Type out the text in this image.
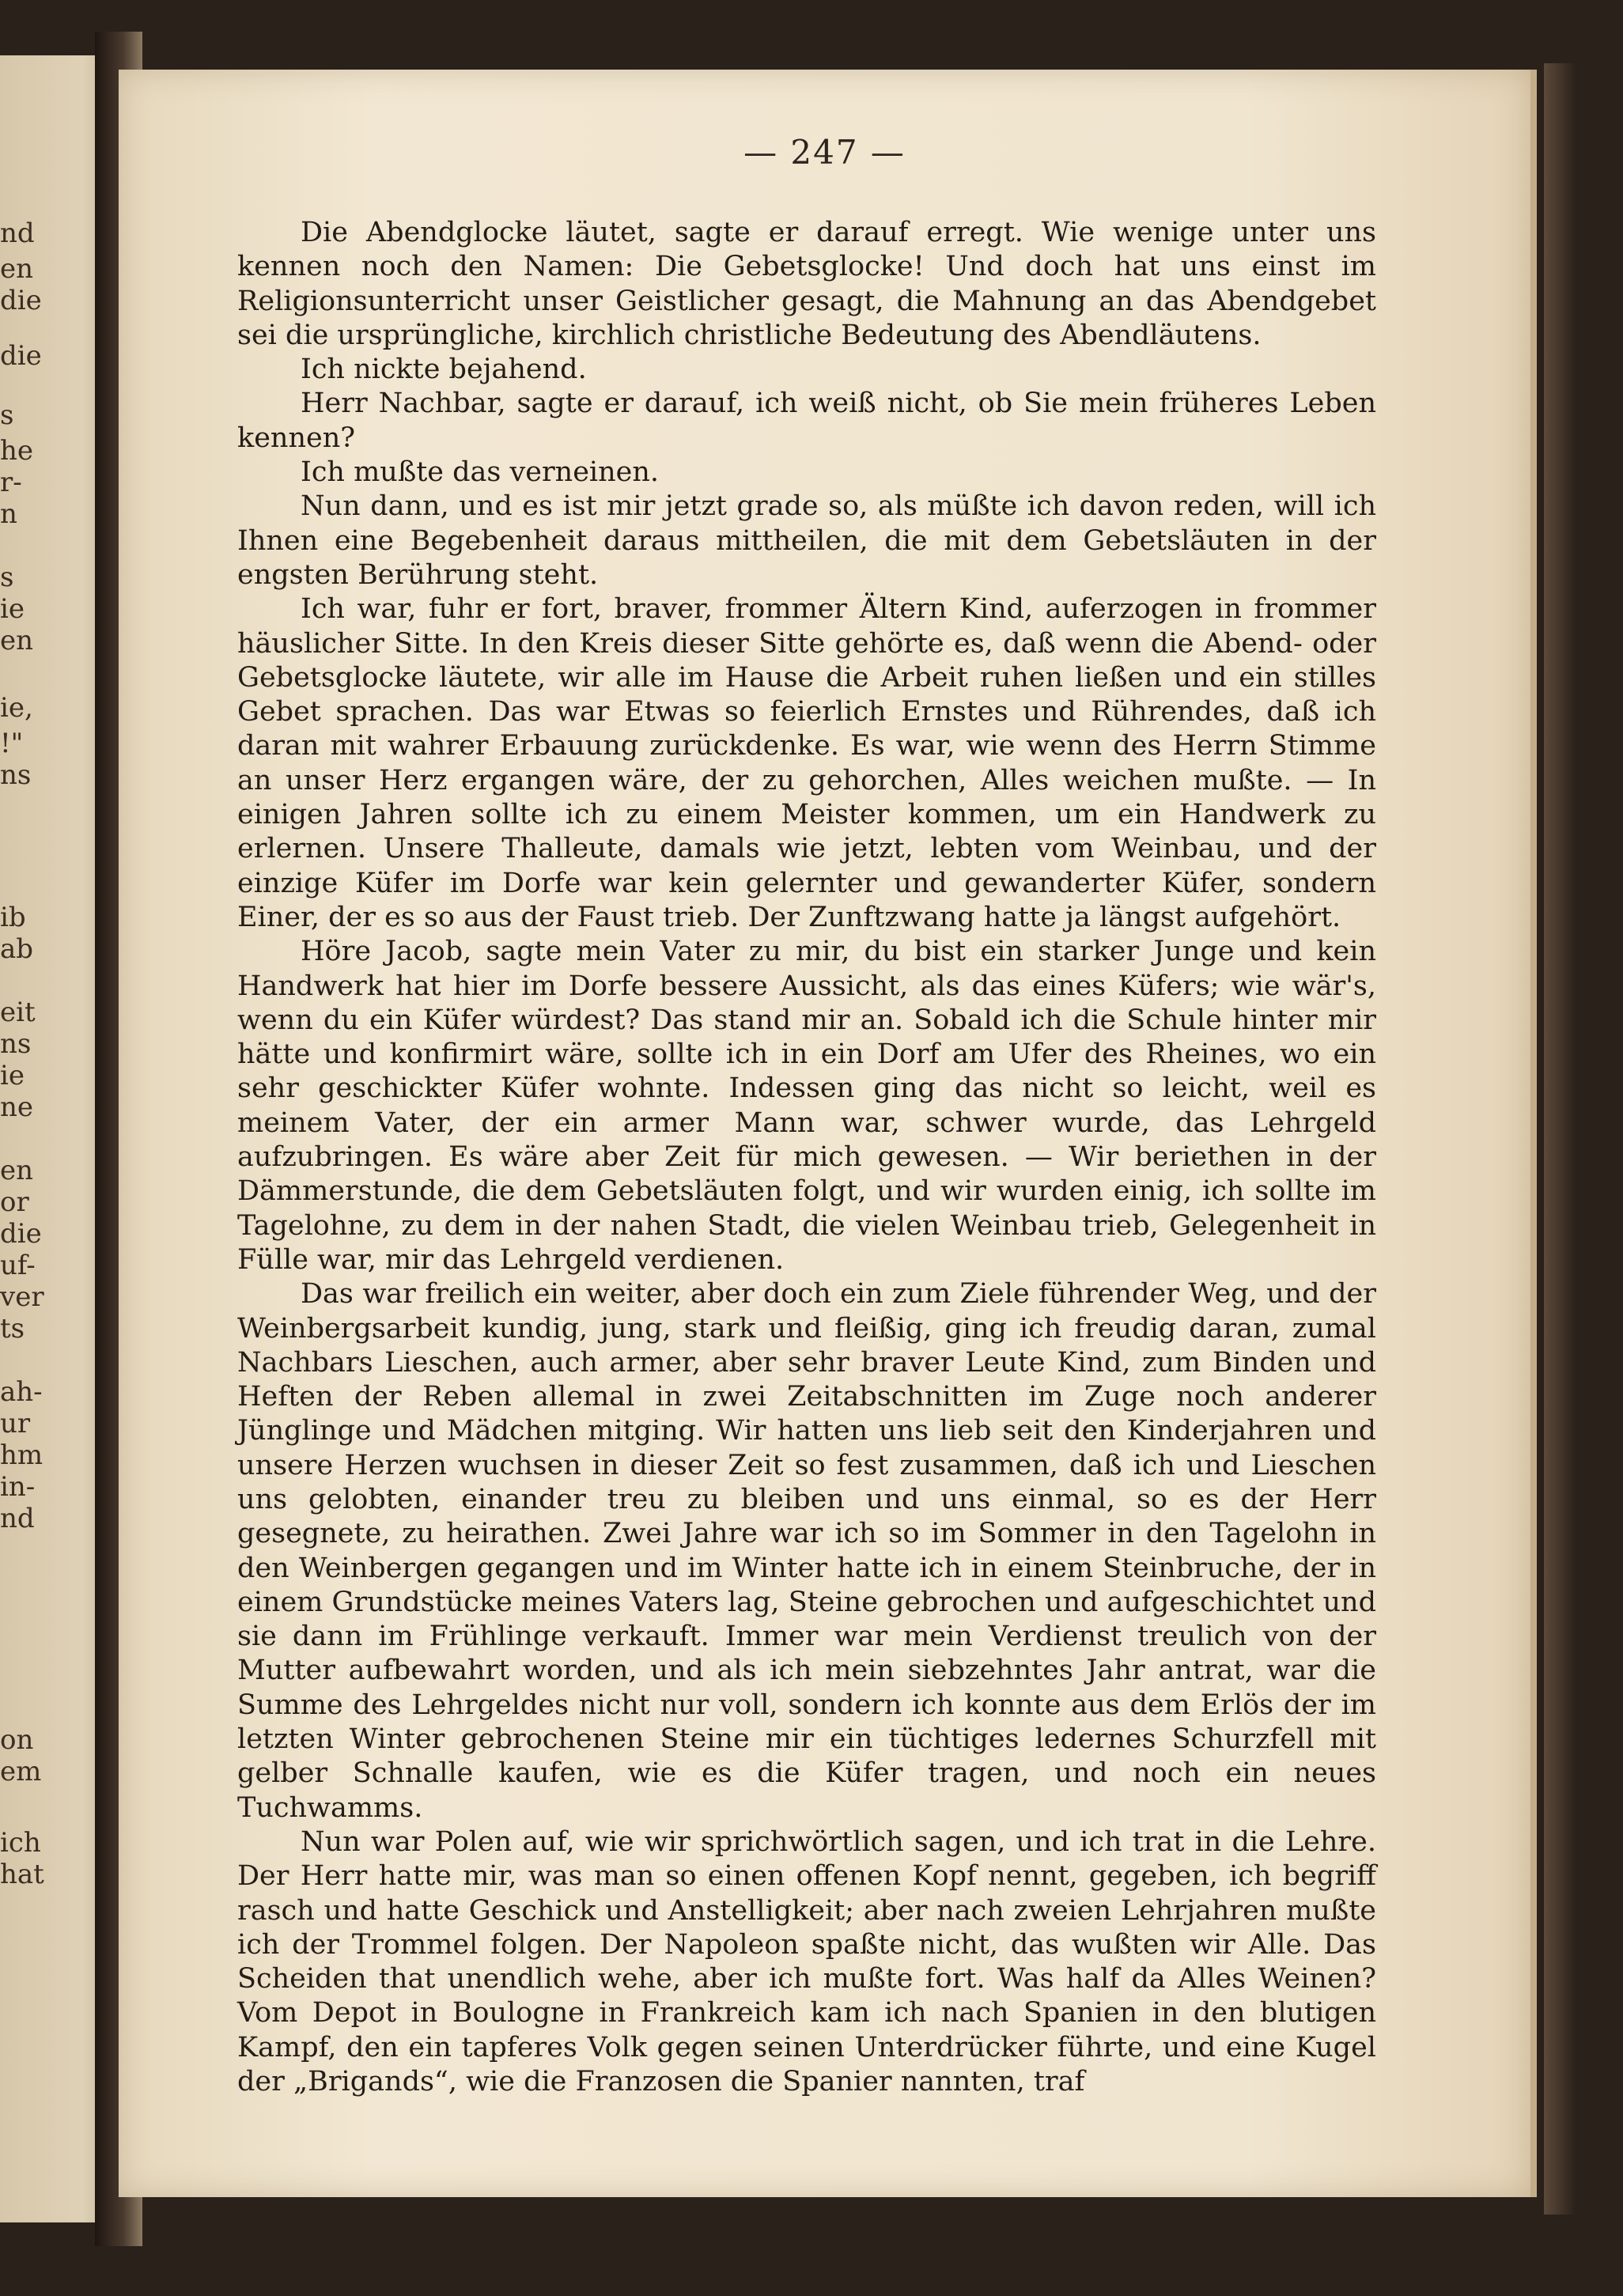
nd
en
die
die
s
he
r-
n
s
ie
en
ie,
!"
ns
ib
ab
eit
ns
ie
ne
en
or
die
uf-
ver
ts
ah-
ur
hm
in-
nd
on
em
ich
hat
— 247 —

Die Abendglocke läutet, sagte er darauf erregt. Wie wenige unter uns kennen noch den Namen: Die Gebetsglocke! Und doch hat uns einst im Religionsunterricht unser Geistlicher gesagt, die Mahnung an das Abendgebet sei die ursprüngliche, kirchlich christliche Bedeutung des Abendläutens.

Ich nickte bejahend.

Herr Nachbar, sagte er darauf, ich weiß nicht, ob Sie mein früheres Leben kennen?

Ich mußte das verneinen.

Nun dann, und es ist mir jetzt grade so, als müßte ich davon reden, will ich Ihnen eine Begebenheit daraus mittheilen, die mit dem Gebetsläuten in der engsten Berührung steht.

Ich war, fuhr er fort, braver, frommer Ältern Kind, auferzogen in frommer häuslicher Sitte. In den Kreis dieser Sitte gehörte es, daß wenn die Abend- oder Gebetsglocke läutete, wir alle im Hause die Arbeit ruhen ließen und ein stilles Gebet sprachen. Das war Etwas so feierlich Ernstes und Rührendes, daß ich daran mit wahrer Erbauung zurückdenke. Es war, wie wenn des Herrn Stimme an unser Herz ergangen wäre, der zu gehorchen, Alles weichen mußte. — In einigen Jahren sollte ich zu einem Meister kommen, um ein Handwerk zu erlernen. Unsere Thalleute, damals wie jetzt, lebten vom Weinbau, und der einzige Küfer im Dorfe war kein gelernter und gewanderter Küfer, sondern Einer, der es so aus der Faust trieb. Der Zunftzwang hatte ja längst aufgehört.

Höre Jacob, sagte mein Vater zu mir, du bist ein starker Junge und kein Handwerk hat hier im Dorfe bessere Aussicht, als das eines Küfers; wie wär's, wenn du ein Küfer würdest? Das stand mir an. Sobald ich die Schule hinter mir hätte und konfirmirt wäre, sollte ich in ein Dorf am Ufer des Rheines, wo ein sehr geschickter Küfer wohnte. Indessen ging das nicht so leicht, weil es meinem Vater, der ein armer Mann war, schwer wurde, das Lehrgeld aufzubringen. Es wäre aber Zeit für mich gewesen. — Wir beriethen in der Dämmerstunde, die dem Gebetsläuten folgt, und wir wurden einig, ich sollte im Tagelohne, zu dem in der nahen Stadt, die vielen Weinbau trieb, Gelegenheit in Fülle war, mir das Lehrgeld verdienen.

Das war freilich ein weiter, aber doch ein zum Ziele führender Weg, und der Weinbergsarbeit kundig, jung, stark und fleißig, ging ich freudig daran, zumal Nachbars Lieschen, auch armer, aber sehr braver Leute Kind, zum Binden und Heften der Reben allemal in zwei Zeitabschnitten im Zuge noch anderer Jünglinge und Mädchen mitging. Wir hatten uns lieb seit den Kinderjahren und unsere Herzen wuchsen in dieser Zeit so fest zusammen, daß ich und Lieschen uns gelobten, einander treu zu bleiben und uns einmal, so es der Herr gesegnete, zu heirathen. Zwei Jahre war ich so im Sommer in den Tagelohn in den Weinbergen gegangen und im Winter hatte ich in einem Steinbruche, der in einem Grundstücke meines Vaters lag, Steine gebrochen und aufgeschichtet und sie dann im Frühlinge verkauft. Immer war mein Verdienst treulich von der Mutter aufbewahrt worden, und als ich mein siebzehntes Jahr antrat, war die Summe des Lehrgeldes nicht nur voll, sondern ich konnte aus dem Erlös der im letzten Winter gebrochenen Steine mir ein tüchtiges ledernes Schurzfell mit gelber Schnalle kaufen, wie es die Küfer tragen, und noch ein neues Tuchwamms.

Nun war Polen auf, wie wir sprichwörtlich sagen, und ich trat in die Lehre. Der Herr hatte mir, was man so einen offenen Kopf nennt, gegeben, ich begriff rasch und hatte Geschick und Anstelligkeit; aber nach zweien Lehrjahren mußte ich der Trommel folgen. Der Napoleon spaßte nicht, das wußten wir Alle. Das Scheiden that unendlich wehe, aber ich mußte fort. Was half da Alles Weinen? Vom Depot in Boulogne in Frankreich kam ich nach Spanien in den blutigen Kampf, den ein tapferes Volk gegen seinen Unterdrücker führte, und eine Kugel der „Brigands“, wie die Franzosen die Spanier nannten, traf
